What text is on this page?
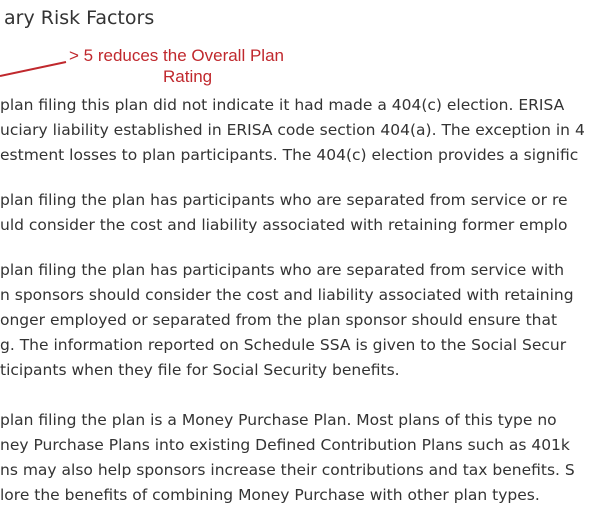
ary Risk Factors
> 5 reduces the Overall Plan
Rating
plan filing this plan did not indicate it had made a 404(c) election. ERISA
uciary liability established in ERISA code section 404(a). The exception in 4
estment losses to plan participants. The 404(c) election provides a signific
plan filing the plan has participants who are separated from service or re
uld consider the cost and liability associated with retaining former emplo
plan filing the plan has participants who are separated from service with
n sponsors should consider the cost and liability associated with retaining
onger employed or separated from the plan sponsor should ensure that
g. The information reported on Schedule SSA is given to the Social Secur
ticipants when they file for Social Security benefits.
plan filing the plan is a Money Purchase Plan. Most plans of this type no
ney Purchase Plans into existing Defined Contribution Plans such as 401k
ns may also help sponsors increase their contributions and tax benefits. S
lore the benefits of combining Money Purchase with other plan types.
